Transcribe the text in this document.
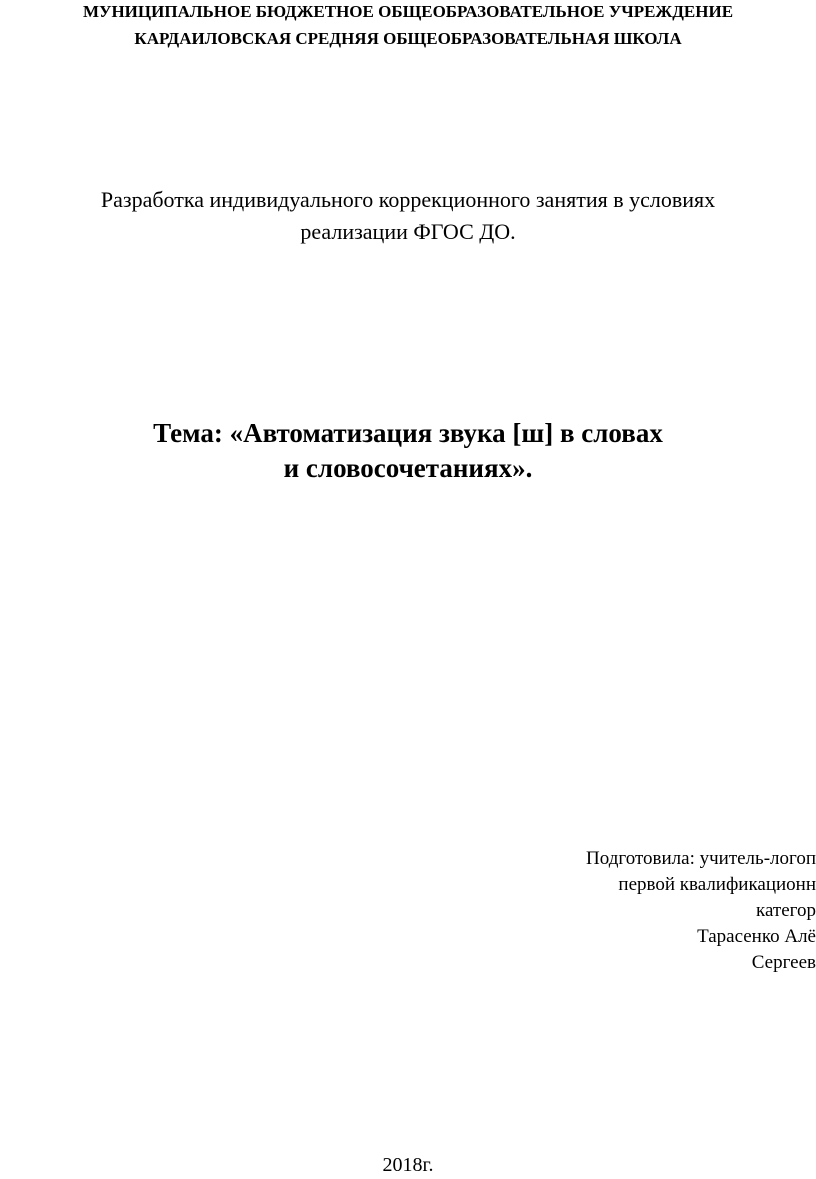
МУНИЦИПАЛЬНОЕ БЮДЖЕТНОЕ ОБЩЕОБРАЗОВАТЕЛЬНОЕ УЧРЕЖДЕНИЕ
КАРДАИЛОВСКАЯ СРЕДНЯЯ ОБЩЕОБРАЗОВАТЕЛЬНАЯ ШКОЛА
Разработка индивидуального коррекционного занятия в условиях
реализации ФГОС ДО.
Тема: «Автоматизация звука [ш] в словах
и словосочетаниях».
Подготовила: учитель-логоп
первой квалификационн
категор
Тарасенко Алё
Сергеев
2018г.
